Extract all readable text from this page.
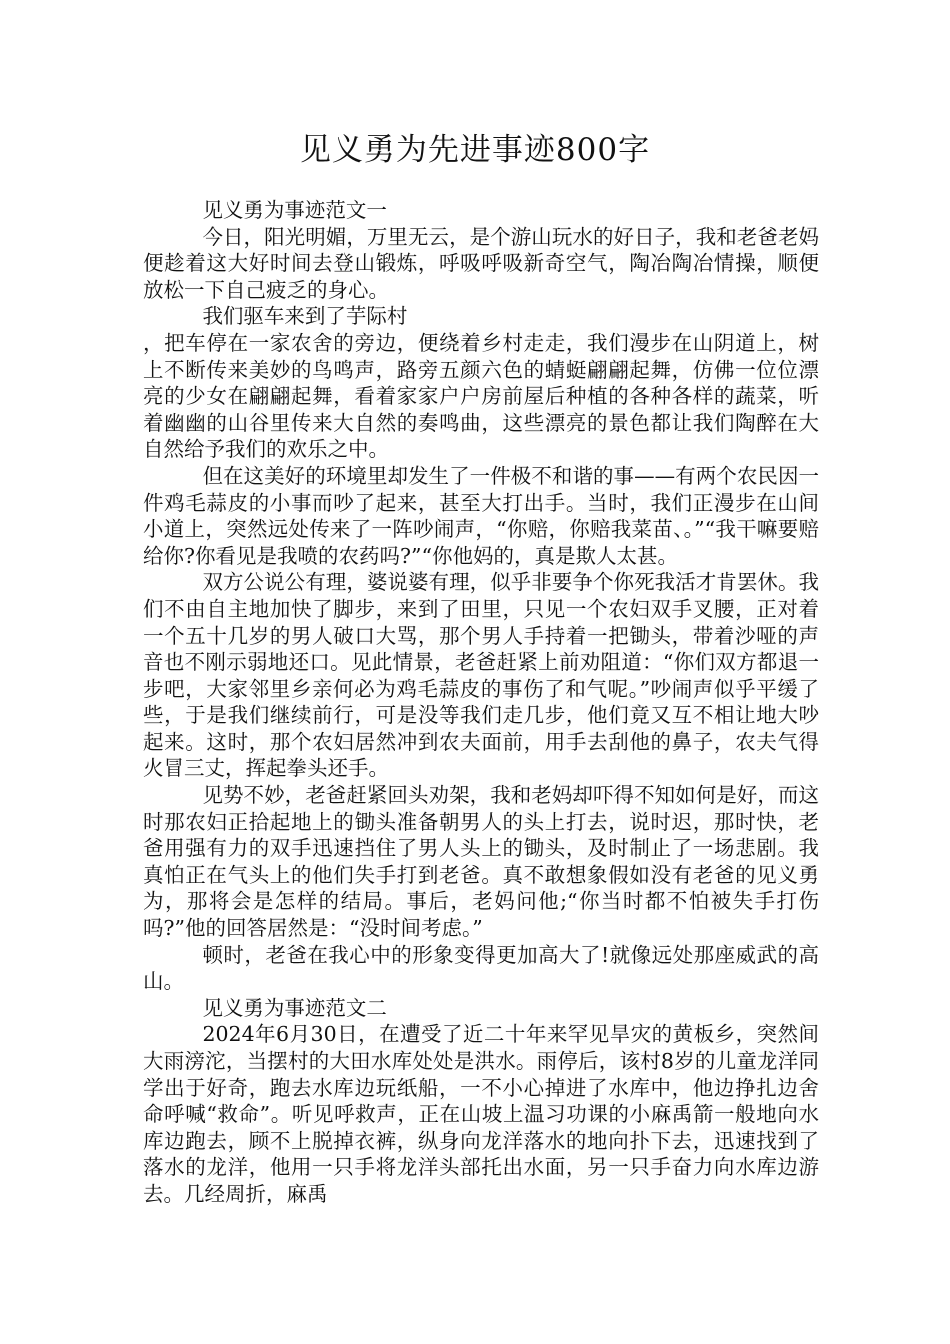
见义勇为先进事迹800字

见义勇为事迹范文一

今日，阳光明媚，万里无云，是个游山玩水的好日子，我和老爸老妈便趁着这大好时间去登山锻炼，呼吸呼吸新奇空气，陶冶陶冶情操，顺便放松一下自己疲乏的身心。

我们驱车来到了芋际村

，把车停在一家农舍的旁边，便绕着乡村走走，我们漫步在山阴道上，树上不断传来美妙的鸟鸣声，路旁五颜六色的蜻蜓翩翩起舞，仿佛一位位漂亮的少女在翩翩起舞，看着家家户户房前屋后种植的各种各样的蔬菜，听着幽幽的山谷里传来大自然的奏鸣曲，这些漂亮的景色都让我们陶醉在大自然给予我们的欢乐之中。

但在这美好的环境里却发生了一件极不和谐的事——有两个农民因一件鸡毛蒜皮的小事而吵了起来，甚至大打出手。当时，我们正漫步在山间小道上，突然远处传来了一阵吵闹声，“你赔，你赔我菜苗、。”“我干嘛要赔给你?你看见是我喷的农药吗?”“你他妈的，真是欺人太甚。

双方公说公有理，婆说婆有理，似乎非要争个你死我活才肯罢休。我们不由自主地加快了脚步，来到了田里，只见一个农妇双手叉腰，正对着一个五十几岁的男人破口大骂，那个男人手持着一把锄头，带着沙哑的声音也不刚示弱地还口。见此情景，老爸赶紧上前劝阻道：“你们双方都退一步吧，大家邻里乡亲何必为鸡毛蒜皮的事伤了和气呢。”吵闹声似乎平缓了些，于是我们继续前行，可是没等我们走几步，他们竟又互不相让地大吵起来。这时，那个农妇居然冲到农夫面前，用手去刮他的鼻子，农夫气得火冒三丈，挥起拳头还手。

见势不妙，老爸赶紧回头劝架，我和老妈却吓得不知如何是好，而这时那农妇正拾起地上的锄头准备朝男人的头上打去，说时迟，那时快，老爸用强有力的双手迅速挡住了男人头上的锄头，及时制止了一场悲剧。我真怕正在气头上的他们失手打到老爸。真不敢想象假如没有老爸的见义勇为，那将会是怎样的结局。事后，老妈问他;“你当时都不怕被失手打伤吗?”他的回答居然是：“没时间考虑。”

顿时，老爸在我心中的形象变得更加高大了!就像远处那座威武的高山。

见义勇为事迹范文二

2024年6月30日，在遭受了近二十年来罕见旱灾的黄板乡，突然间大雨滂沱，当摆村的大田水库处处是洪水。雨停后，该村8岁的儿童龙洋同学出于好奇，跑去水库边玩纸船，一不小心掉进了水库中，他边挣扎边舍命呼喊“救命”。听见呼救声，正在山坡上温习功课的小麻禹箭一般地向水库边跑去，顾不上脱掉衣裤，纵身向龙洋落水的地向扑下去，迅速找到了落水的龙洋，他用一只手将龙洋头部托出水面，另一只手奋力向水库边游去。几经周折，麻禹
